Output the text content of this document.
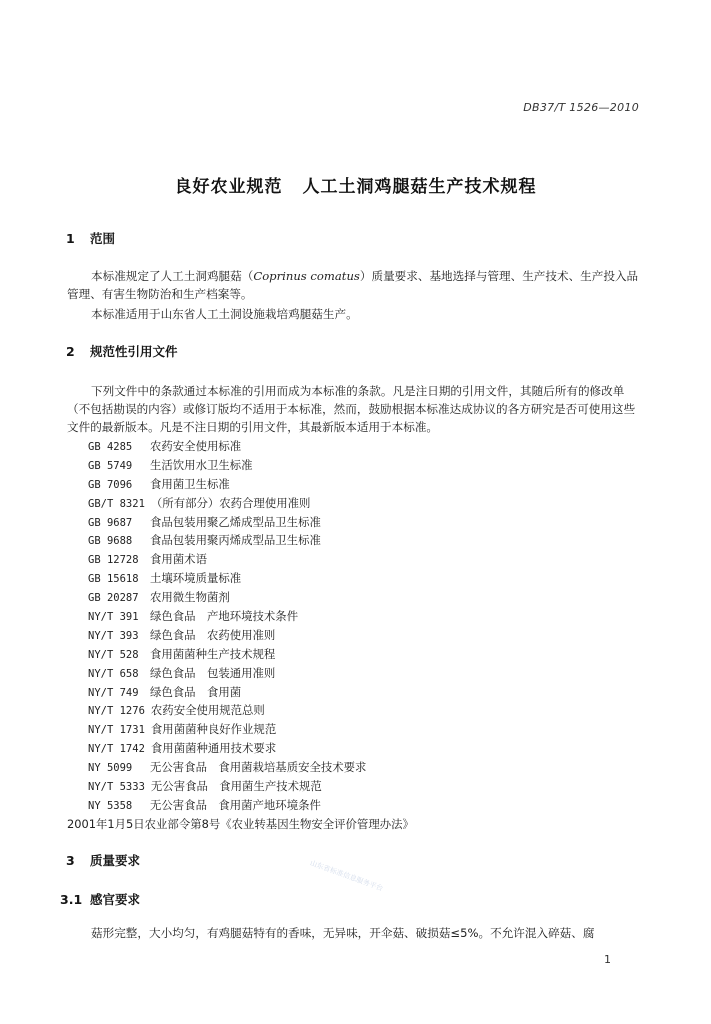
DB37/T 1526—2010
良好农业规范 人工土洞鸡腿菇生产技术规程
1 范围
本标准规定了人工土洞鸡腿菇（Coprinus comatus）质量要求、基地选择与管理、生产技术、生产投入品管理、有害生物防治和生产档案等。
本标准适用于山东省人工土洞设施栽培鸡腿菇生产。
2 规范性引用文件
下列文件中的条款通过本标准的引用而成为本标准的条款。凡是注日期的引用文件，其随后所有的修改单（不包括勘误的内容）或修订版均不适用于本标准，然而，鼓励根据本标准达成协议的各方研究是否可使用这些文件的最新版本。凡是不注日期的引用文件，其最新版本适用于本标准。
GB 4285 农药安全使用标准
GB 5749 生活饮用水卫生标准
GB 7096 食用菌卫生标准
GB/T 8321 （所有部分）农药合理使用准则
GB 9687 食品包装用聚乙烯成型品卫生标准
GB 9688 食品包装用聚丙烯成型品卫生标准
GB 12728 食用菌术语
GB 15618 土壤环境质量标准
GB 20287 农用微生物菌剂
NY/T 391 绿色食品　产地环境技术条件
NY/T 393 绿色食品　农药使用准则
NY/T 528 食用菌菌种生产技术规程
NY/T 658 绿色食品　包装通用准则
NY/T 749 绿色食品　食用菌
NY/T 1276 农药安全使用规范总则
NY/T 1731 食用菌菌种良好作业规范
NY/T 1742 食用菌菌种通用技术要求
NY 5099 无公害食品　食用菌栽培基质安全技术要求
NY/T 5333 无公害食品　食用菌生产技术规范
NY 5358 无公害食品　食用菌产地环境条件
2001年1月5日农业部令第8号《农业转基因生物安全评价管理办法》
3 质量要求
3.1 感官要求
菇形完整，大小均匀，有鸡腿菇特有的香味，无异味，开伞菇、破损菇≤5%。不允许混入碎菇、腐
山东省标准信息服务平台
1
